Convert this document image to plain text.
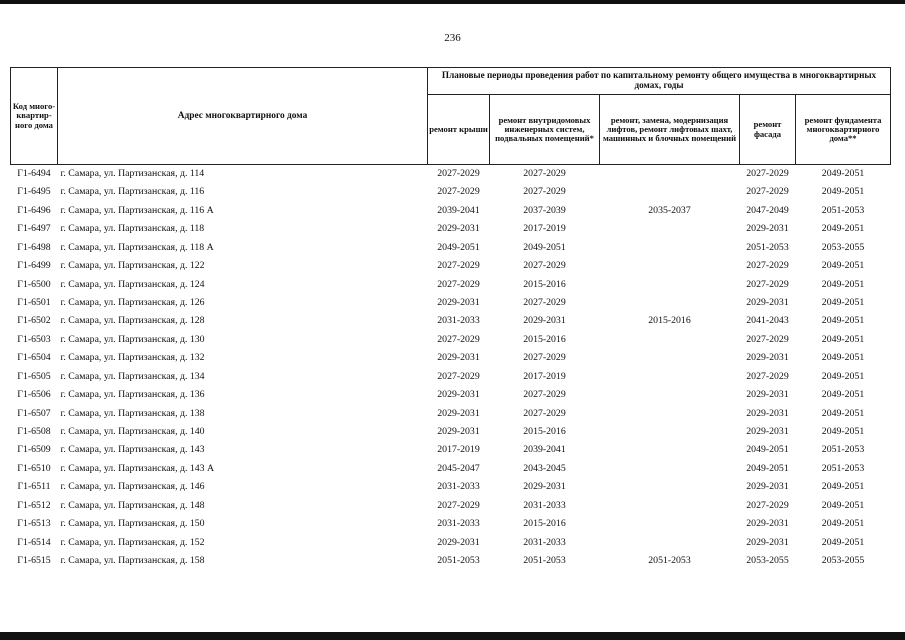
236
Код много-квартир-ного дома	Адрес многоквартирного дома	Плановые периоды проведения работ по капитальному ремонту общего имущества в многоквартирных домах, годы				
		ремонт крыши	ремонт внутридомовых инженерных систем, подвальных помещений*	ремонт, замена, модернизация лифтов, ремонт лифтовых шахт, машинных и блочных помещений	ремонт фасада	ремонт фундамента многоквартирного дома**
Г1-6494	г. Самара, ул. Партизанская, д. 114	2027-2029	2027-2029		2027-2029	2049-2051
Г1-6495	г. Самара, ул. Партизанская, д. 116	2027-2029	2027-2029		2027-2029	2049-2051
Г1-6496	г. Самара, ул. Партизанская, д. 116 А	2039-2041	2037-2039	2035-2037	2047-2049	2051-2053
Г1-6497	г. Самара, ул. Партизанская, д. 118	2029-2031	2017-2019		2029-2031	2049-2051
Г1-6498	г. Самара, ул. Партизанская, д. 118 А	2049-2051	2049-2051		2051-2053	2053-2055
Г1-6499	г. Самара, ул. Партизанская, д. 122	2027-2029	2027-2029		2027-2029	2049-2051
Г1-6500	г. Самара, ул. Партизанская, д. 124	2027-2029	2015-2016		2027-2029	2049-2051
Г1-6501	г. Самара, ул. Партизанская, д. 126	2029-2031	2027-2029		2029-2031	2049-2051
Г1-6502	г. Самара, ул. Партизанская, д. 128	2031-2033	2029-2031	2015-2016	2041-2043	2049-2051
Г1-6503	г. Самара, ул. Партизанская, д. 130	2027-2029	2015-2016		2027-2029	2049-2051
Г1-6504	г. Самара, ул. Партизанская, д. 132	2029-2031	2027-2029		2029-2031	2049-2051
Г1-6505	г. Самара, ул. Партизанская, д. 134	2027-2029	2017-2019		2027-2029	2049-2051
Г1-6506	г. Самара, ул. Партизанская, д. 136	2029-2031	2027-2029		2029-2031	2049-2051
Г1-6507	г. Самара, ул. Партизанская, д. 138	2029-2031	2027-2029		2029-2031	2049-2051
Г1-6508	г. Самара, ул. Партизанская, д. 140	2029-2031	2015-2016		2029-2031	2049-2051
Г1-6509	г. Самара, ул. Партизанская, д. 143	2017-2019	2039-2041		2049-2051	2051-2053
Г1-6510	г. Самара, ул. Партизанская, д. 143 А	2045-2047	2043-2045		2049-2051	2051-2053
Г1-6511	г. Самара, ул. Партизанская, д. 146	2031-2033	2029-2031		2029-2031	2049-2051
Г1-6512	г. Самара, ул. Партизанская, д. 148	2027-2029	2031-2033		2027-2029	2049-2051
Г1-6513	г. Самара, ул. Партизанская, д. 150	2031-2033	2015-2016		2029-2031	2049-2051
Г1-6514	г. Самара, ул. Партизанская, д. 152	2029-2031	2031-2033		2029-2031	2049-2051
Г1-6515	г. Самара, ул. Партизанская, д. 158	2051-2053	2051-2053	2051-2053	2053-2055	2053-2055
